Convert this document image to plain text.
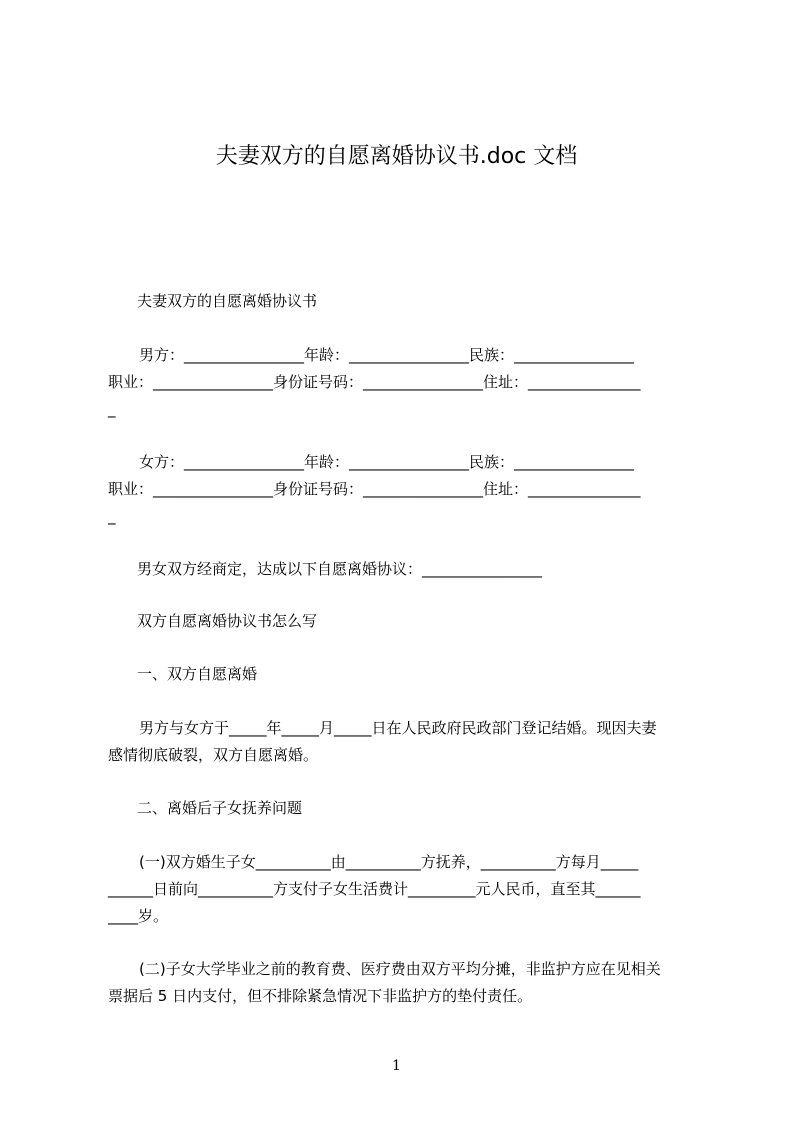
夫妻双方的自愿离婚协议书.doc 文档
夫妻双方的自愿离婚协议书
男方：________________年龄：________________民族：________________
职业：________________身份证号码：________________住址：_______________
_
女方：________________年龄：________________民族：________________
职业：________________身份证号码：________________住址：_______________
_
男女双方经商定，达成以下自愿离婚协议：________________
双方自愿离婚协议书怎么写
一、双方自愿离婚
男方与女方于_____年_____月_____日在人民政府民政部门登记结婚。现因夫妻
感情彻底破裂，双方自愿离婚。
二、离婚后子女抚养问题
(一)双方婚生子女__________由__________方抚养，__________方每月_____
______日前向__________方支付子女生活费计_________元人民币，直至其______
____岁。
(二)子女大学毕业之前的教育费、医疗费由双方平均分摊，非监护方应在见相关
票据后 5 日内支付，但不排除紧急情况下非监护方的垫付责任。
1
